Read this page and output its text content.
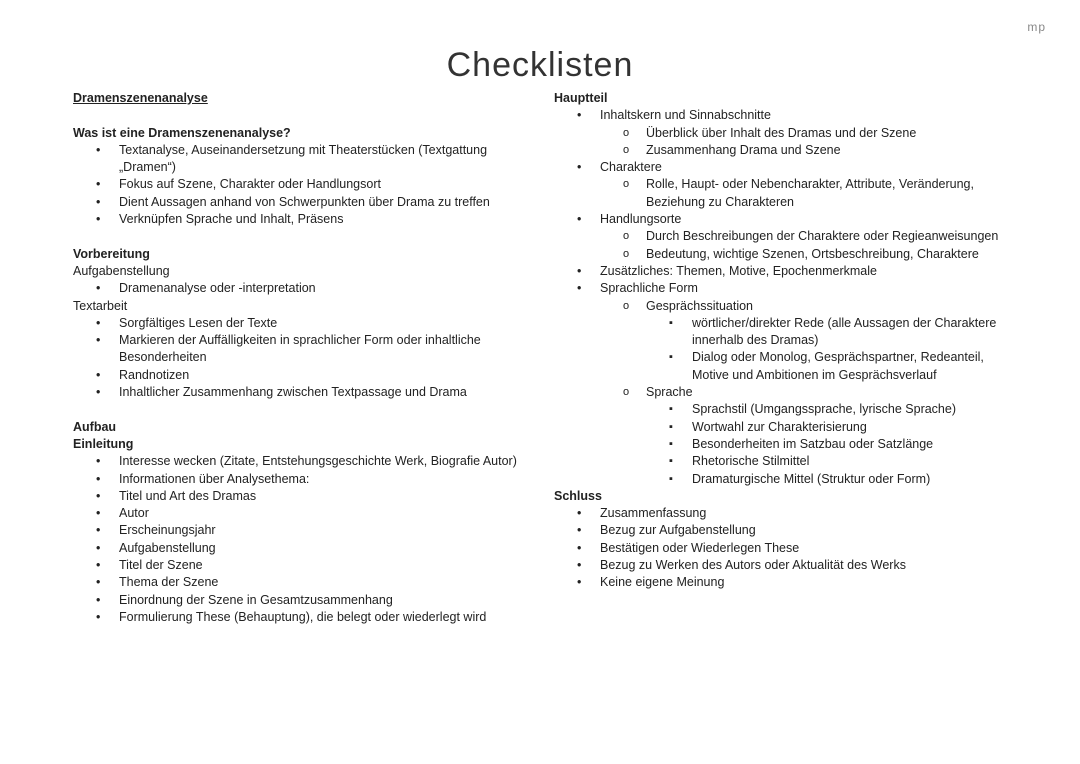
mp
Checklisten

Dramenszenenanalyse

Was ist eine Dramenszenenanalyse?

• Textanalyse, Auseinandersetzung mit Theaterstücken (Textgattung „Dramen“)
• Fokus auf Szene, Charakter oder Handlungsort
• Dient Aussagen anhand von Schwerpunkten über Drama zu treffen
• Verknüpfen Sprache und Inhalt, Präsens

Vorbereitung

Aufgabenstellung

• Dramenanalyse oder -interpretation

Textarbeit

• Sorgfältiges Lesen der Texte
• Markieren der Auffälligkeiten in sprachlicher Form oder inhaltliche Besonderheiten
• Randnotizen
• Inhaltlicher Zusammenhang zwischen Textpassage und Drama

Aufbau

Einleitung

• Interesse wecken (Zitate, Entstehungsgeschichte Werk, Biografie Autor)
• Informationen über Analysethema:
• Titel und Art des Dramas
• Autor
• Erscheinungsjahr
• Aufgabenstellung
• Titel der Szene
• Thema der Szene
• Einordnung der Szene in Gesamtzusammenhang
• Formulierung These (Behauptung), die belegt oder wiederlegt wird

Hauptteil

• Inhaltskern und Sinnabschnitte
o Überblick über Inhalt des Dramas und der Szene
o Zusammenhang Drama und Szene
• Charaktere
o Rolle, Haupt- oder Nebencharakter, Attribute, Veränderung, Beziehung zu Charakteren
• Handlungsorte
o Durch Beschreibungen der Charaktere oder Regieanweisungen
o Bedeutung, wichtige Szenen, Ortsbeschreibung, Charaktere
• Zusätzliches: Themen, Motive, Epochenmerkmale
• Sprachliche Form
o Gesprächssituation
▪ wörtlicher/direkter Rede (alle Aussagen der Charaktere innerhalb des Dramas)
▪ Dialog oder Monolog, Gesprächspartner, Redeanteil, Motive und Ambitionen im Gesprächsverlauf
o Sprache
▪ Sprachstil (Umgangssprache, lyrische Sprache)
▪ Wortwahl zur Charakterisierung
▪ Besonderheiten im Satzbau oder Satzlänge
▪ Rhetorische Stilmittel
▪ Dramaturgische Mittel (Struktur oder Form)

Schluss

• Zusammenfassung
• Bezug zur Aufgabenstellung
• Bestätigen oder Wiederlegen These
• Bezug zu Werken des Autors oder Aktualität des Werks
• Keine eigene Meinung
